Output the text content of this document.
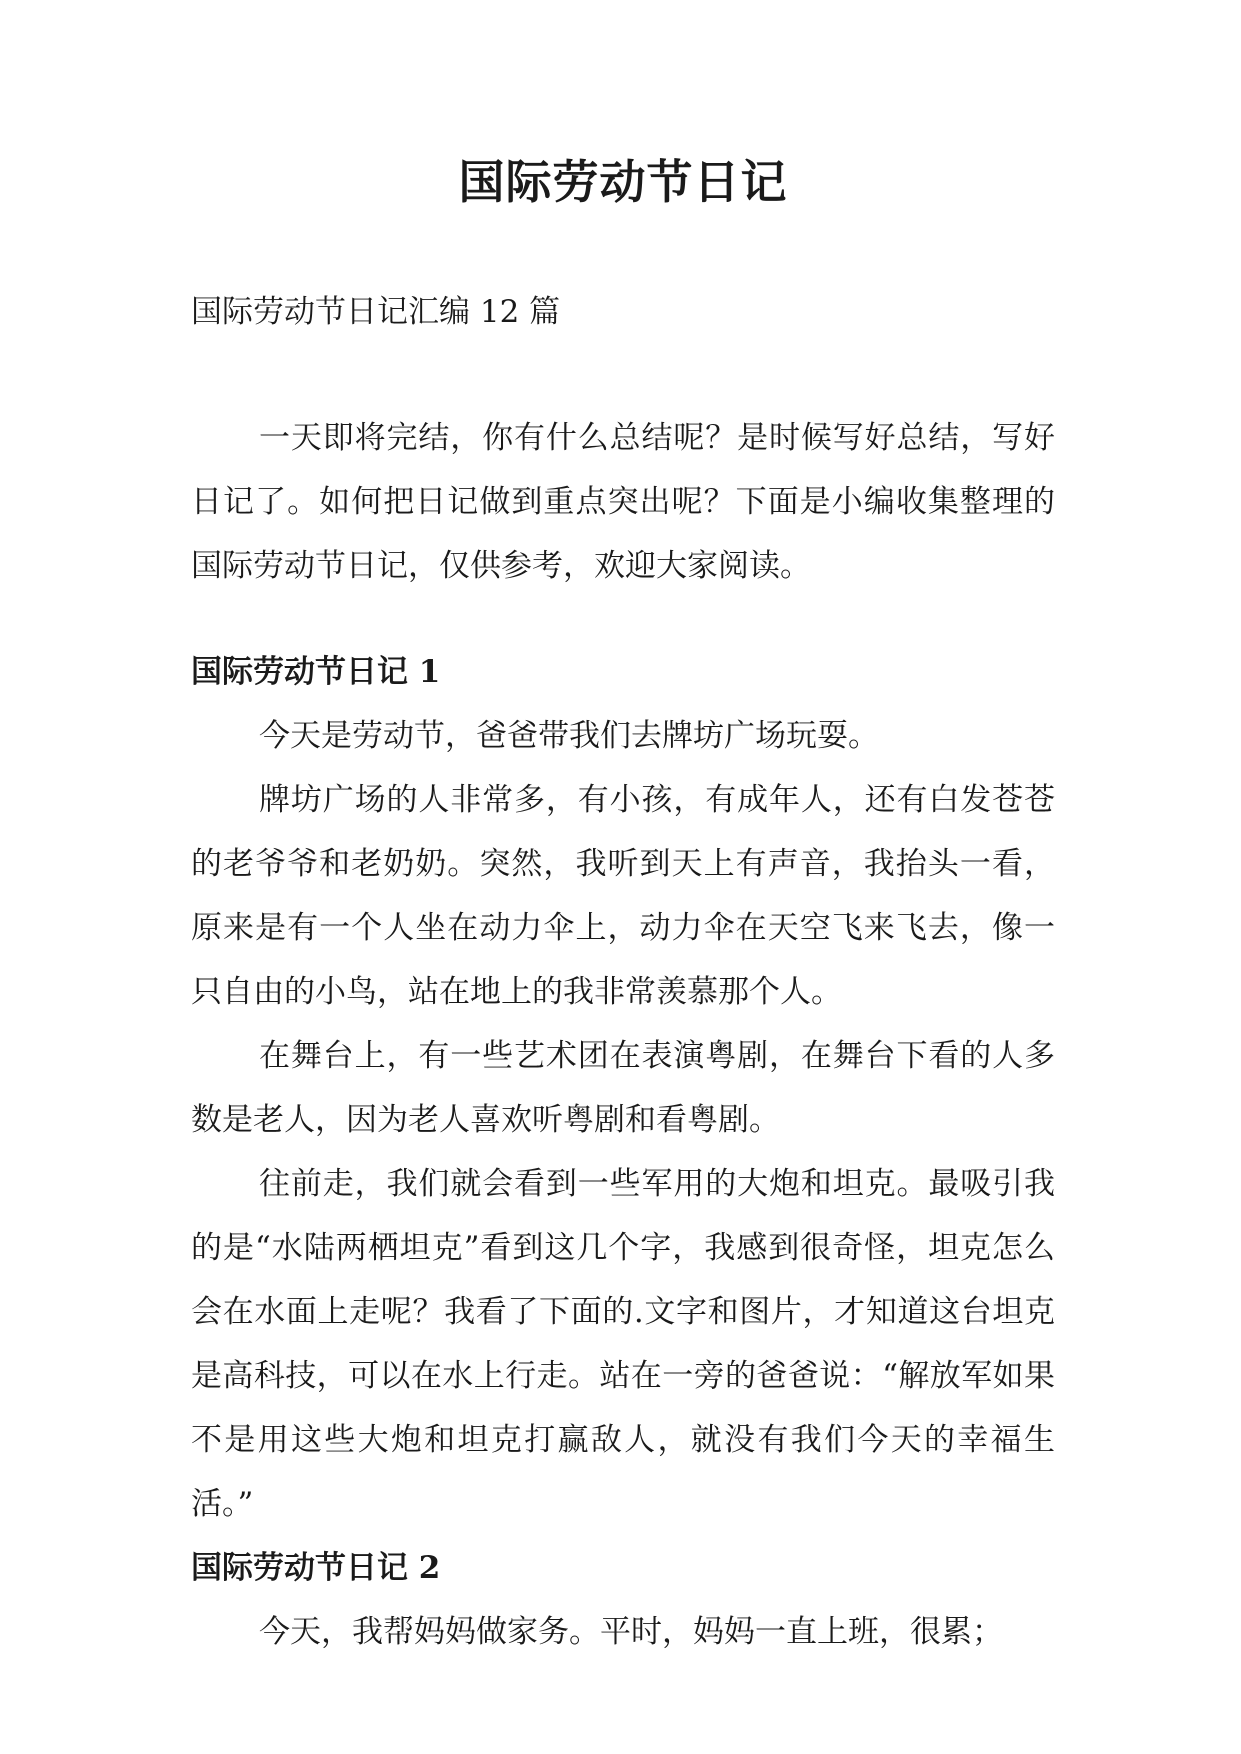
国际劳动节日记

国际劳动节日记汇编 12 篇

一天即将完结，你有什么总结呢？是时候写好总结，写好日记了。如何把日记做到重点突出呢？下面是小编收集整理的国际劳动节日记，仅供参考，欢迎大家阅读。

国际劳动节日记 1

今天是劳动节，爸爸带我们去牌坊广场玩耍。

牌坊广场的人非常多，有小孩，有成年人，还有白发苍苍的老爷爷和老奶奶。突然，我听到天上有声音，我抬头一看，原来是有一个人坐在动力伞上，动力伞在天空飞来飞去，像一只自由的小鸟，站在地上的我非常羡慕那个人。

在舞台上，有一些艺术团在表演粤剧，在舞台下看的人多数是老人，因为老人喜欢听粤剧和看粤剧。

往前走，我们就会看到一些军用的大炮和坦克。最吸引我的是“水陆两栖坦克”看到这几个字，我感到很奇怪，坦克怎么会在水面上走呢？我看了下面的.文字和图片，才知道这台坦克是高科技，可以在水上行走。站在一旁的爸爸说：“解放军如果不是用这些大炮和坦克打赢敌人，就没有我们今天的幸福生活。”

国际劳动节日记 2

今天，我帮妈妈做家务。平时，妈妈一直上班，很累；
